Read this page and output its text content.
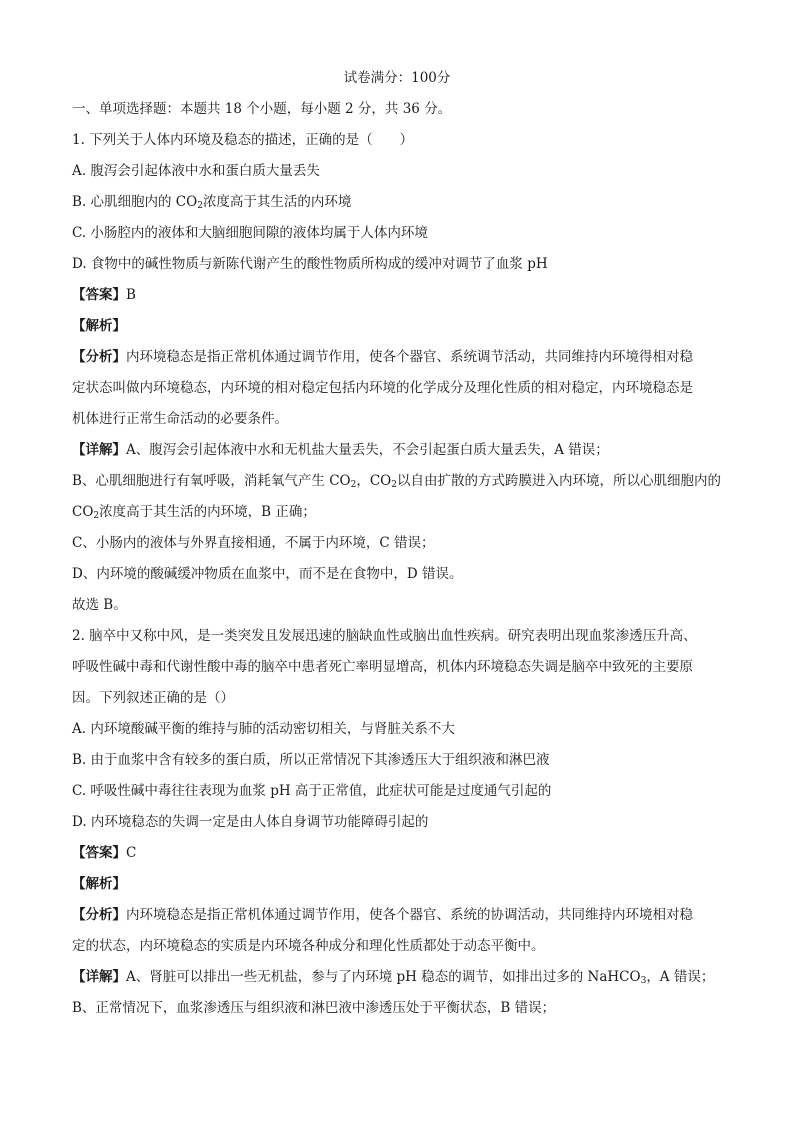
试卷满分：100分
一、单项选择题：本题共 18 个小题，每小题 2 分，共 36 分。
1. 下列关于人体内环境及稳态的描述，正确的是（　　）
A. 腹泻会引起体液中水和蛋白质大量丢失
B. 心肌细胞内的 $CO_2$浓度高于其生活的内环境
C. 小肠腔内的液体和大脑细胞间隙的液体均属于人体内环境
D. 食物中的碱性物质与新陈代谢产生的酸性物质所构成的缓冲对调节了血浆 pH
【答案】B
【解析】
【分析】内环境稳态是指正常机体通过调节作用，使各个器官、系统调节活动，共同维持内环境得相对稳
定状态叫做内环境稳态，内环境的相对稳定包括内环境的化学成分及理化性质的相对稳定，内环境稳态是
机体进行正常生命活动的必要条件。
【详解】A、腹泻会引起体液中水和无机盐大量丢失，不会引起蛋白质大量丢失，A 错误；
B、心肌细胞进行有氧呼吸，消耗氧气产生 $CO_2$，$CO_2$以自由扩散的方式跨膜进入内环境，所以心肌细胞内的
$CO_2$浓度高于其生活的内环境，B 正确；
C、小肠内的液体与外界直接相通，不属于内环境，C 错误；
D、内环境的酸碱缓冲物质在血浆中，而不是在食物中，D 错误。
故选 B。
2. 脑卒中又称中风，是一类突发且发展迅速的脑缺血性或脑出血性疾病。研究表明出现血浆渗透压升高、
呼吸性碱中毒和代谢性酸中毒的脑卒中患者死亡率明显增高，机体内环境稳态失调是脑卒中致死的主要原
因。下列叙述正确的是（）
A. 内环境酸碱平衡的维持与肺的活动密切相关，与肾脏关系不大
B. 由于血浆中含有较多的蛋白质，所以正常情况下其渗透压大于组织液和淋巴液
C. 呼吸性碱中毒往往表现为血浆 pH 高于正常值，此症状可能是过度通气引起的
D. 内环境稳态的失调一定是由人体自身调节功能障碍引起的
【答案】C
【解析】
【分析】内环境稳态是指正常机体通过调节作用，使各个器官、系统的协调活动，共同维持内环境相对稳
定的状态，内环境稳态的实质是内环境各种成分和理化性质都处于动态平衡中。
【详解】A、肾脏可以排出一些无机盐，参与了内环境 pH 稳态的调节，如排出过多的 NaHCO$_3$，A 错误；
B、正常情况下，血浆渗透压与组织液和淋巴液中渗透压处于平衡状态，B 错误；
